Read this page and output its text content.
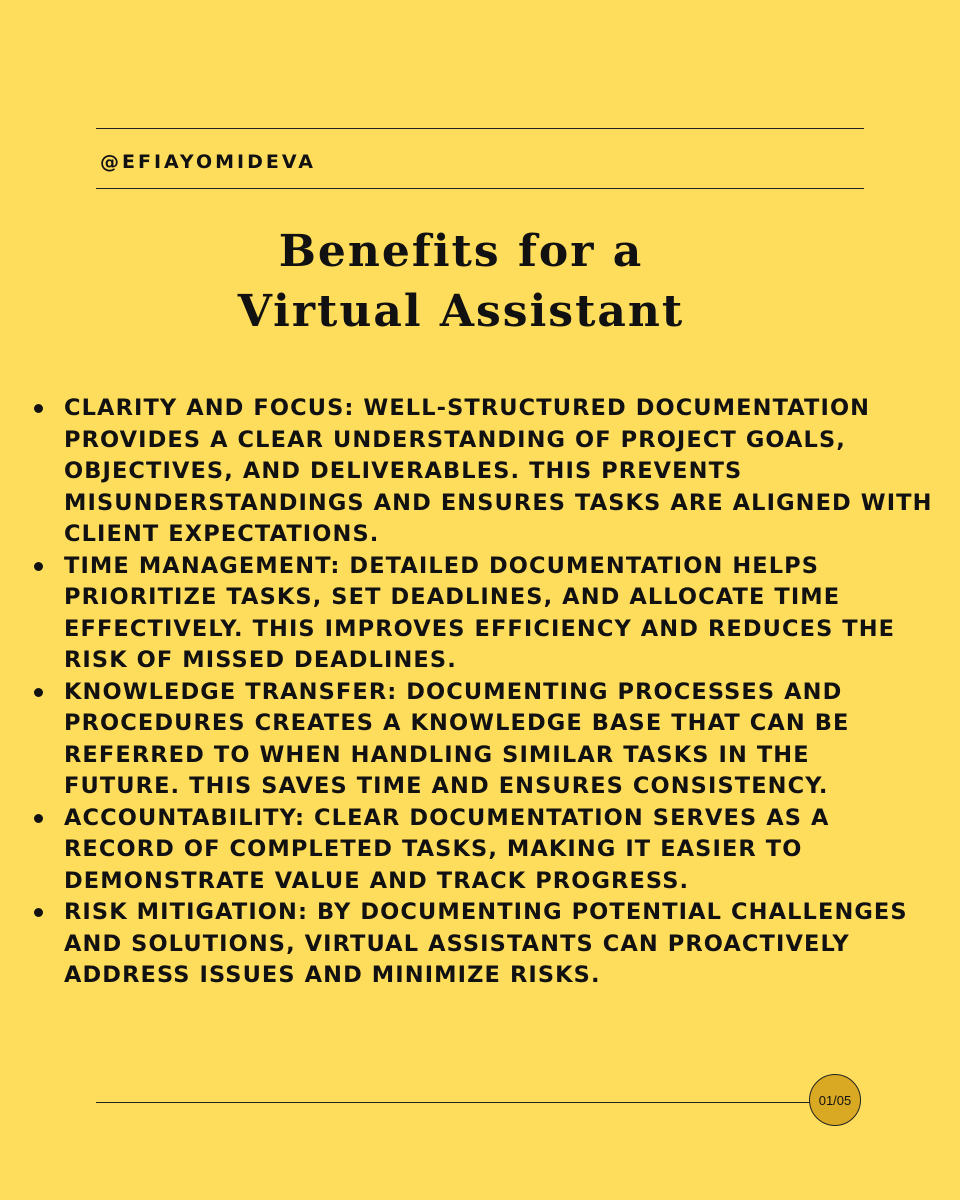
@EFIAYOMIDEVA
Benefits for a
Virtual Assistant
CLARITY AND FOCUS: WELL-STRUCTURED DOCUMENTATION PROVIDES A CLEAR UNDERSTANDING OF PROJECT GOALS, OBJECTIVES, AND DELIVERABLES. THIS PREVENTS MISUNDERSTANDINGS AND ENSURES TASKS ARE ALIGNED WITH CLIENT EXPECTATIONS.
TIME MANAGEMENT: DETAILED DOCUMENTATION HELPS PRIORITIZE TASKS, SET DEADLINES, AND ALLOCATE TIME EFFECTIVELY. THIS IMPROVES EFFICIENCY AND REDUCES THE RISK OF MISSED DEADLINES.
KNOWLEDGE TRANSFER: DOCUMENTING PROCESSES AND PROCEDURES CREATES A KNOWLEDGE BASE THAT CAN BE REFERRED TO WHEN HANDLING SIMILAR TASKS IN THE FUTURE. THIS SAVES TIME AND ENSURES CONSISTENCY.
ACCOUNTABILITY: CLEAR DOCUMENTATION SERVES AS A RECORD OF COMPLETED TASKS, MAKING IT EASIER TO DEMONSTRATE VALUE AND TRACK PROGRESS.
RISK MITIGATION: BY DOCUMENTING POTENTIAL CHALLENGES AND SOLUTIONS, VIRTUAL ASSISTANTS CAN PROACTIVELY ADDRESS ISSUES AND MINIMIZE RISKS.
01/05
